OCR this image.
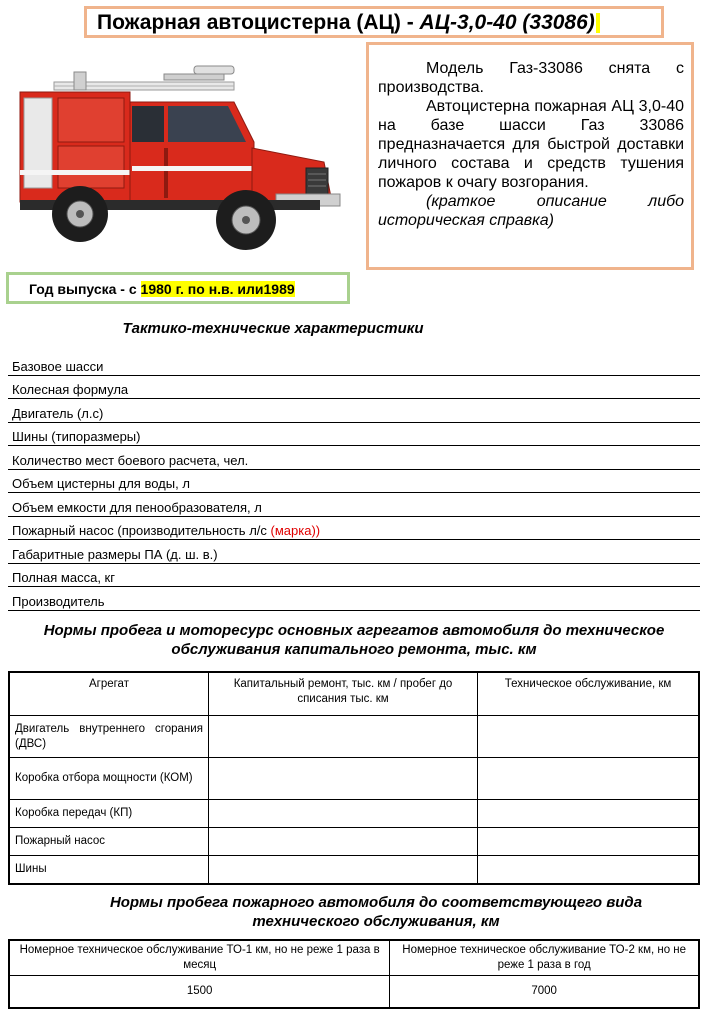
Пожарная автоцистерна (АЦ) - АЦ-3,0-40 (33086)

Модель Газ-33086 снята с производства.

Автоцистерна пожарная АЦ 3,0-40 на базе шасси Газ 33086 предназначается для быстрой доставки личного состава и средств тушения пожаров к очагу возгорания.

(краткое описание либо историческая справка)

Год выпуска - с 1980 г. по н.в. или1989
Тактико-технические характеристики
Базовое шасси
Колесная формула
Двигатель (л.с)
Шины (типоразмеры)
Количество мест боевого расчета, чел.
Объем цистерны для воды, л
Объем емкости для пенообразователя, л
Пожарный насос (производительность л/с (марка))
Габаритные размеры ПА (д. ш. в.)
Полная масса, кг
Производитель
Нормы пробега и моторесурс основных агрегатов автомобиля до техническое
обслуживания капитального ремонта, тыс. км
Агрегат	Капитальный ремонт, тыс. км / пробег до списания тыс. км	Техническое обслуживание, км
Двигатель внутреннего сгорания (ДВС)		
Коробка отбора мощности (КОМ)		
Коробка передач (КП)		
Пожарный насос		
Шины		
Нормы пробега пожарного автомобиля до соответствующего вида
технического обслуживания, км
Номерное техническое обслуживание ТО-1 км, но не реже 1 раза в месяц	Номерное техническое обслуживание ТО-2 км, но не реже 1 раза в год
1500	7000
